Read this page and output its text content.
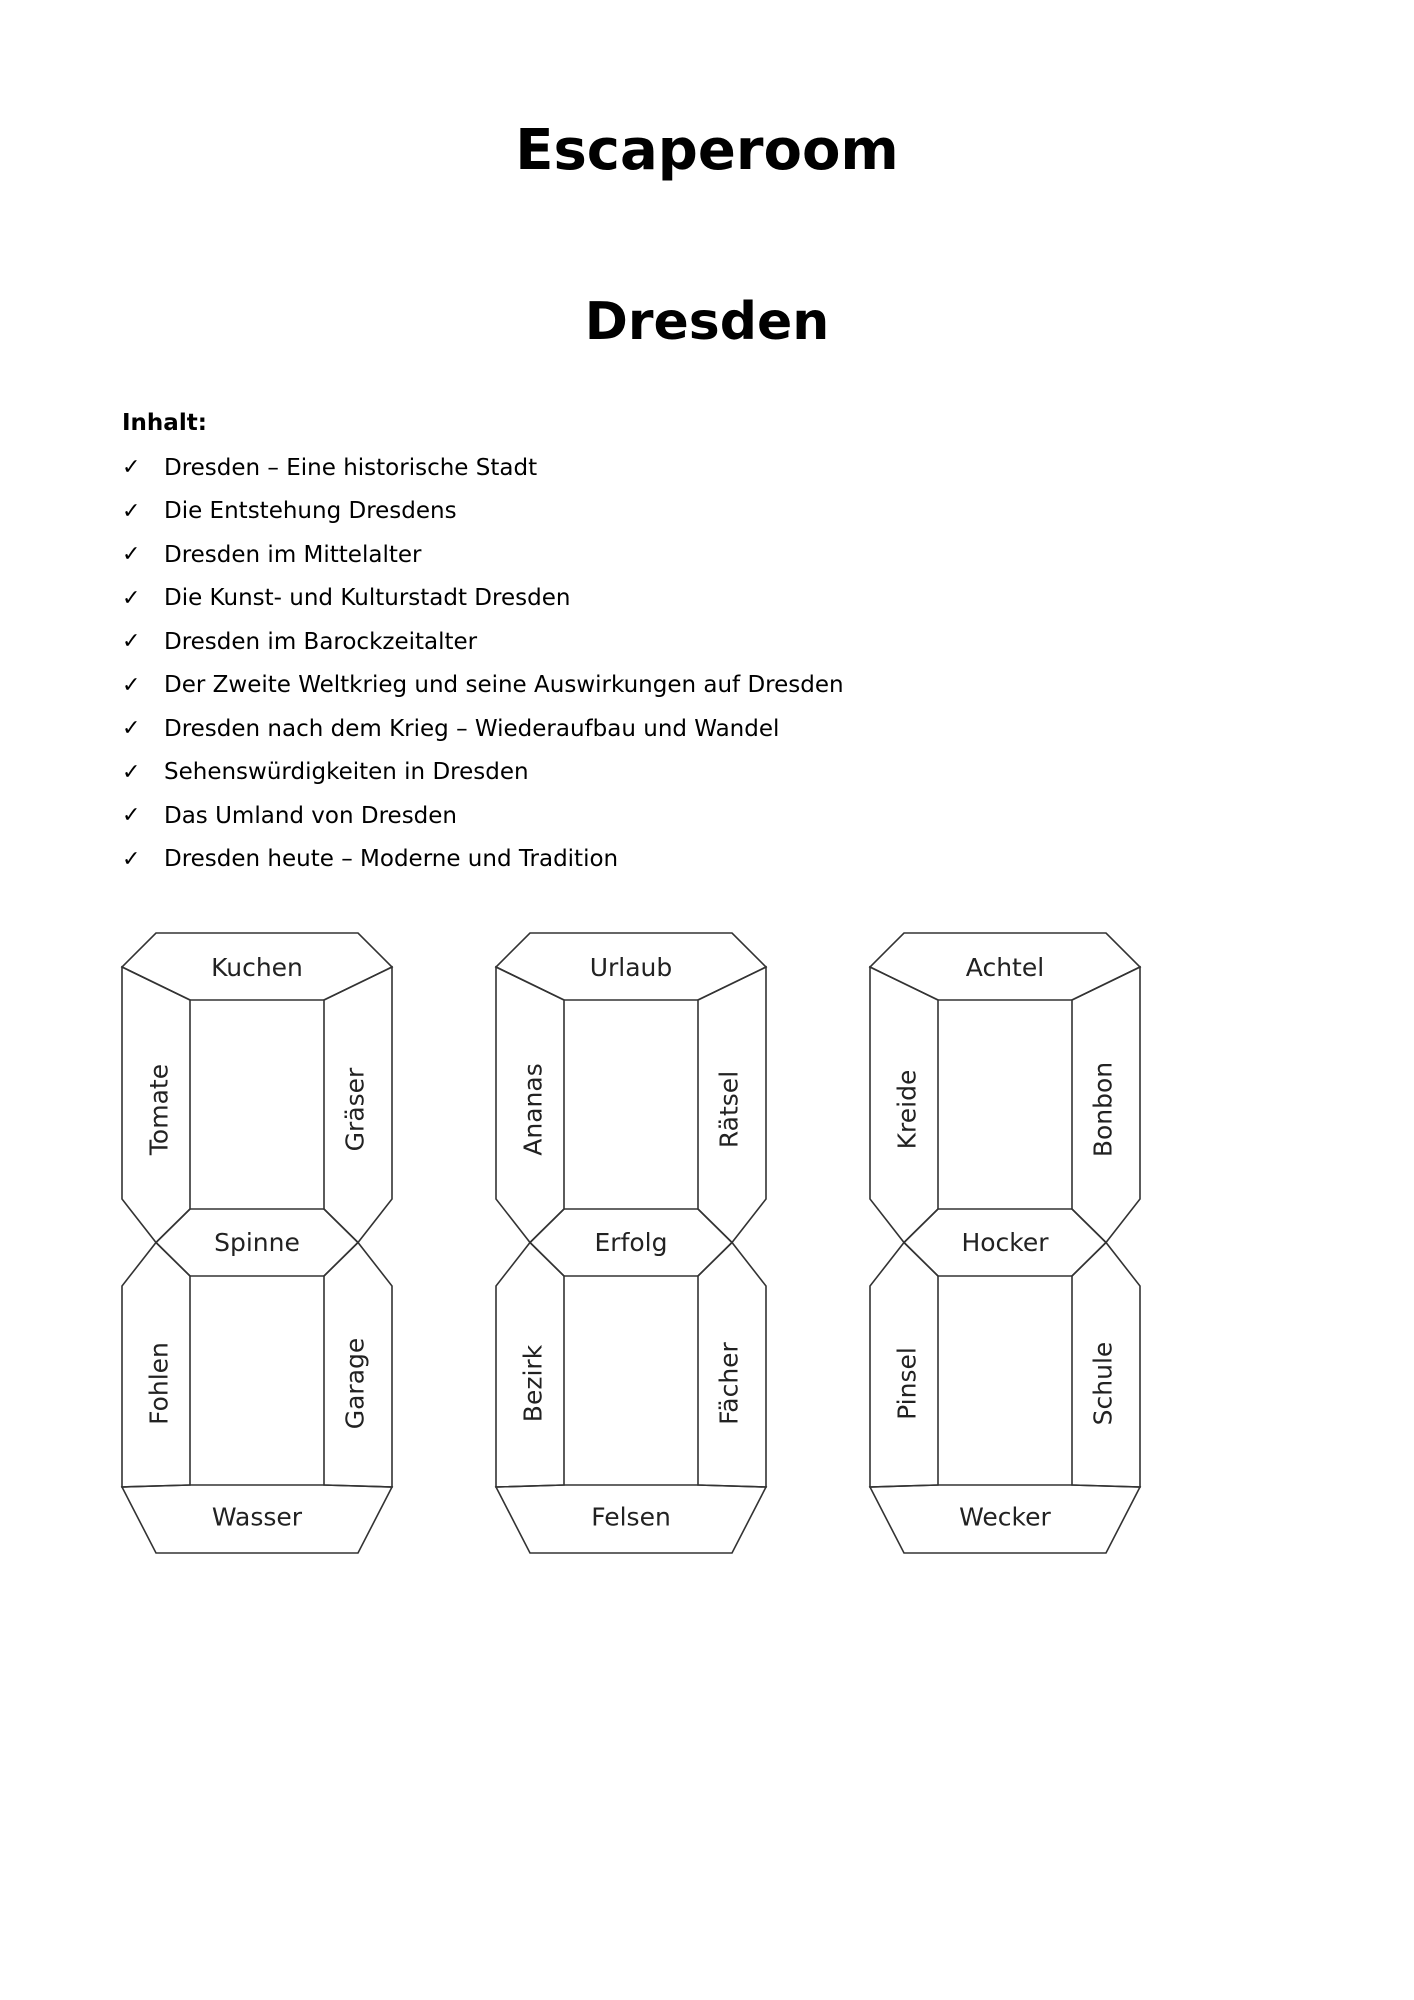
Escaperoom
Dresden

Inhalt:

✓	Dresden – Eine historische Stadt
✓	Die Entstehung Dresdens
✓	Dresden im Mittelalter
✓	Die Kunst- und Kulturstadt Dresden
✓	Dresden im Barockzeitalter
✓	Der Zweite Weltkrieg und seine Auswirkungen auf Dresden
✓	Dresden nach dem Krieg – Wiederaufbau und Wandel
✓	Sehenswürdigkeiten in Dresden
✓	Das Umland von Dresden
✓	Dresden heute – Moderne und Tradition
Kuchen
Spinne
Wasser
Tomate	Gräser
Fohlen	Garage
Urlaub
Erfolg
Felsen
Ananas	Rätsel
Bezirk	Fächer
Achtel
Hocker
Wecker
Kreide	Bonbon
Pinsel	Schule
